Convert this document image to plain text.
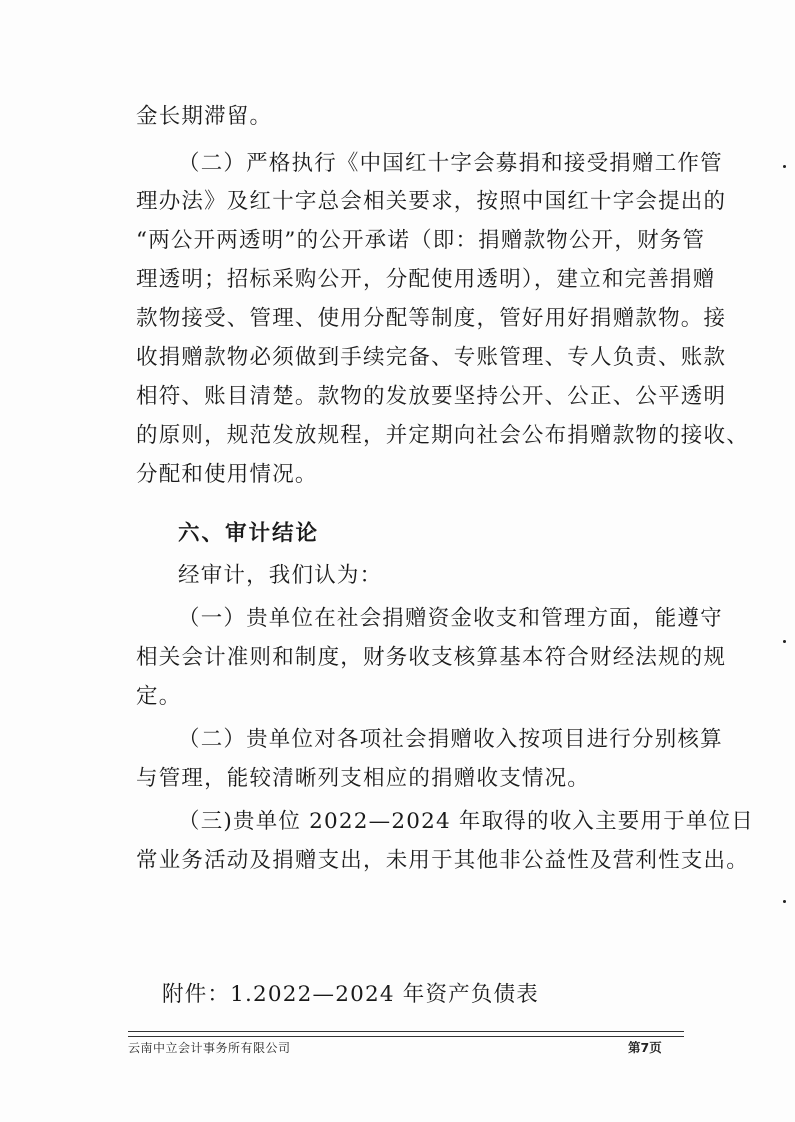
金长期滞留。
（二）严格执行《中国红十字会募捐和接受捐赠工作管
理办法》及红十字总会相关要求，按照中国红十字会提出的
“两公开两透明”的公开承诺（即：捐赠款物公开，财务管
理透明；招标采购公开，分配使用透明），建立和完善捐赠
款物接受、管理、使用分配等制度，管好用好捐赠款物。接
收捐赠款物必须做到手续完备、专账管理、专人负责、账款
相符、账目清楚。款物的发放要坚持公开、公正、公平透明
的原则，规范发放规程，并定期向社会公布捐赠款物的接收、
分配和使用情况。
六、审计结论
经审计，我们认为：
（一）贵单位在社会捐赠资金收支和管理方面，能遵守
相关会计准则和制度，财务收支核算基本符合财经法规的规
定。
（二）贵单位对各项社会捐赠收入按项目进行分别核算
与管理，能较清晰列支相应的捐赠收支情况。
（三)贵单位 2022—2024 年取得的收入主要用于单位日
常业务活动及捐赠支出，未用于其他非公益性及营利性支出。
附件：1.2022—2024 年资产负债表
云南中立会计事务所有限公司	第7页
